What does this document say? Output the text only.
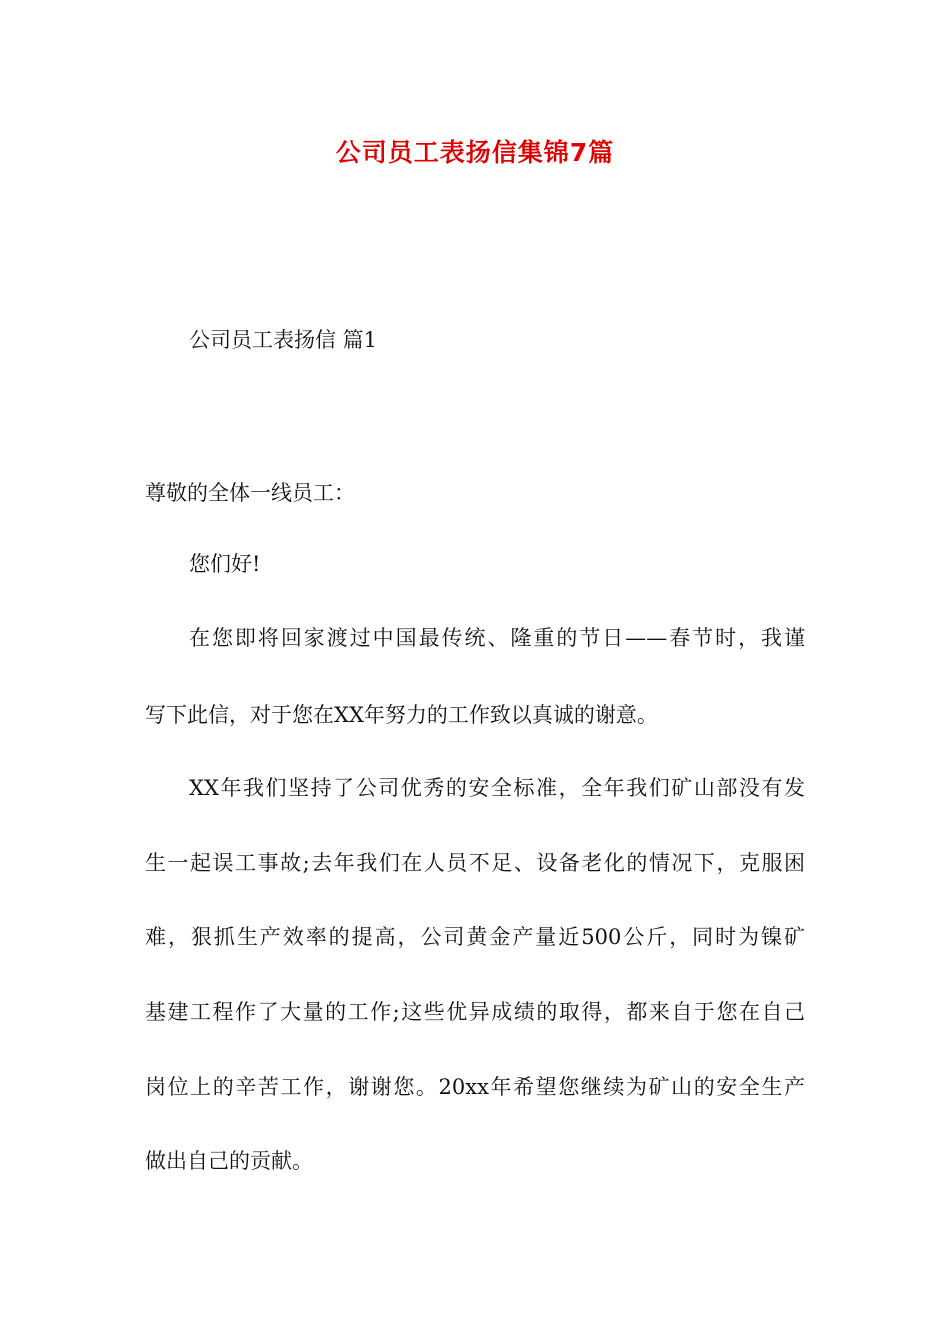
公司员工表扬信集锦7篇
公司员工表扬信 篇1
尊敬的全体一线员工：
您们好!
在您即将回家渡过中国最传统、隆重的节日——春节时，我谨
写下此信，对于您在XX年努力的工作致以真诚的谢意。
XX年我们坚持了公司优秀的安全标准，全年我们矿山部没有发
生一起误工事故;去年我们在人员不足、设备老化的情况下，克服困
难，狠抓生产效率的提高，公司黄金产量近500公斤，同时为镍矿
基建工程作了大量的工作;这些优异成绩的取得，都来自于您在自己
岗位上的辛苦工作，谢谢您。20xx年希望您继续为矿山的安全生产
做出自己的贡献。
